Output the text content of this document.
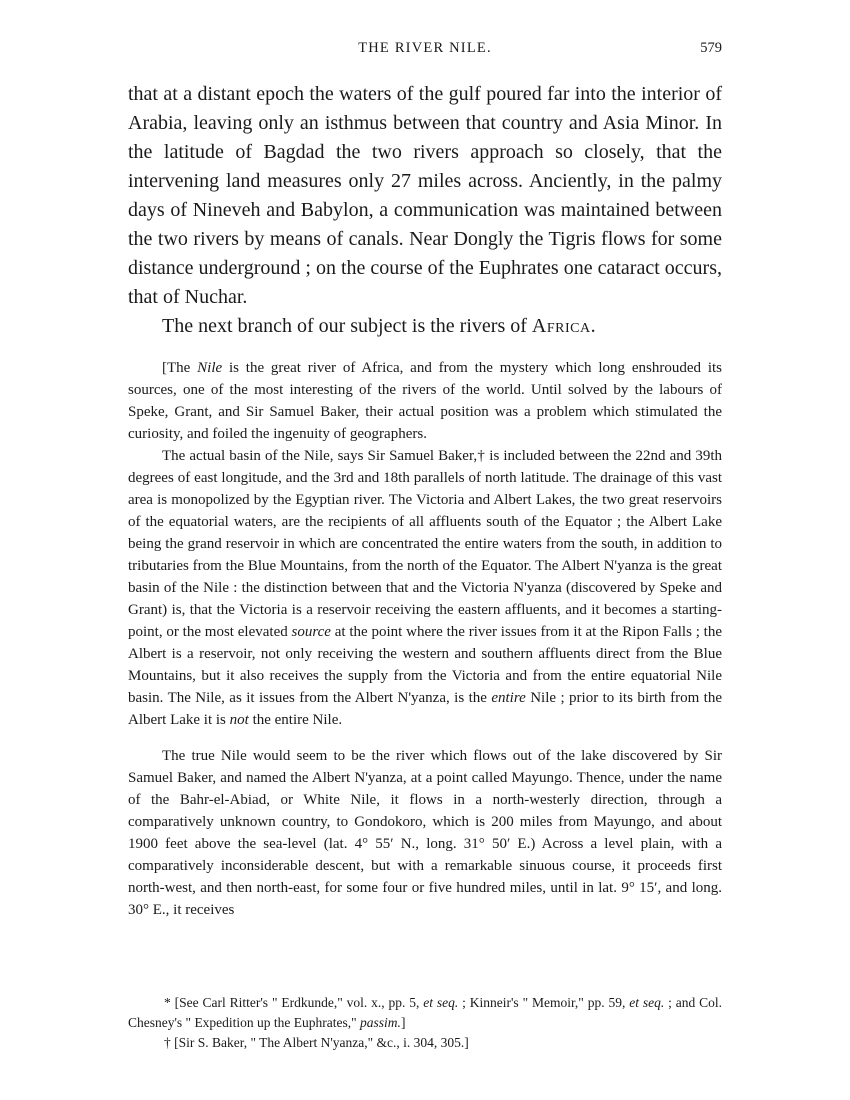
THE RIVER NILE.	579

that at a distant epoch the waters of the gulf poured far into the interior of Arabia, leaving only an isthmus between that country and Asia Minor. In the latitude of Bagdad the two rivers approach so closely, that the intervening land measures only 27 miles across. Anciently, in the palmy days of Nineveh and Babylon, a communication was maintained between the two rivers by means of canals. Near Dongly the Tigris flows for some distance underground ; on the course of the Euphrates one cataract occurs, that of Nuchar.

The next branch of our subject is the rivers of Africa.

[The Nile is the great river of Africa, and from the mystery which long enshrouded its sources, one of the most interesting of the rivers of the world. Until solved by the labours of Speke, Grant, and Sir Samuel Baker, their actual position was a problem which stimulated the curiosity, and foiled the ingenuity of geographers.

The actual basin of the Nile, says Sir Samuel Baker,† is included between the 22nd and 39th degrees of east longitude, and the 3rd and 18th parallels of north latitude. The drainage of this vast area is monopolized by the Egyptian river. The Victoria and Albert Lakes, the two great reservoirs of the equatorial waters, are the recipients of all affluents south of the Equator ; the Albert Lake being the grand reservoir in which are concentrated the entire waters from the south, in addition to tributaries from the Blue Mountains, from the north of the Equator. The Albert N'yanza is the great basin of the Nile : the distinction between that and the Victoria N'yanza (discovered by Speke and Grant) is, that the Victoria is a reservoir receiving the eastern affluents, and it becomes a starting-point, or the most elevated source at the point where the river issues from it at the Ripon Falls ; the Albert is a reservoir, not only receiving the western and southern affluents direct from the Blue Mountains, but it also receives the supply from the Victoria and from the entire equatorial Nile basin. The Nile, as it issues from the Albert N'yanza, is the entire Nile ; prior to its birth from the Albert Lake it is not the entire Nile.

The true Nile would seem to be the river which flows out of the lake discovered by Sir Samuel Baker, and named the Albert N'yanza, at a point called Mayungo. Thence, under the name of the Bahr-el-Abiad, or White Nile, it flows in a north-westerly direction, through a comparatively unknown country, to Gondokoro, which is 200 miles from Mayungo, and about 1900 feet above the sea-level (lat. 4° 55′ N., long. 31° 50′ E.) Across a level plain, with a comparatively inconsiderable descent, but with a remarkable sinuous course, it proceeds first north-west, and then north-east, for some four or five hundred miles, until in lat. 9° 15′, and long. 30° E., it receives

* [See Carl Ritter's " Erdkunde," vol. x., pp. 5, et seq. ; Kinneir's " Memoir," pp. 59, et seq. ; and Col. Chesney's " Expedition up the Euphrates," passim.]

† [Sir S. Baker, " The Albert N'yanza," &c., i. 304, 305.]
